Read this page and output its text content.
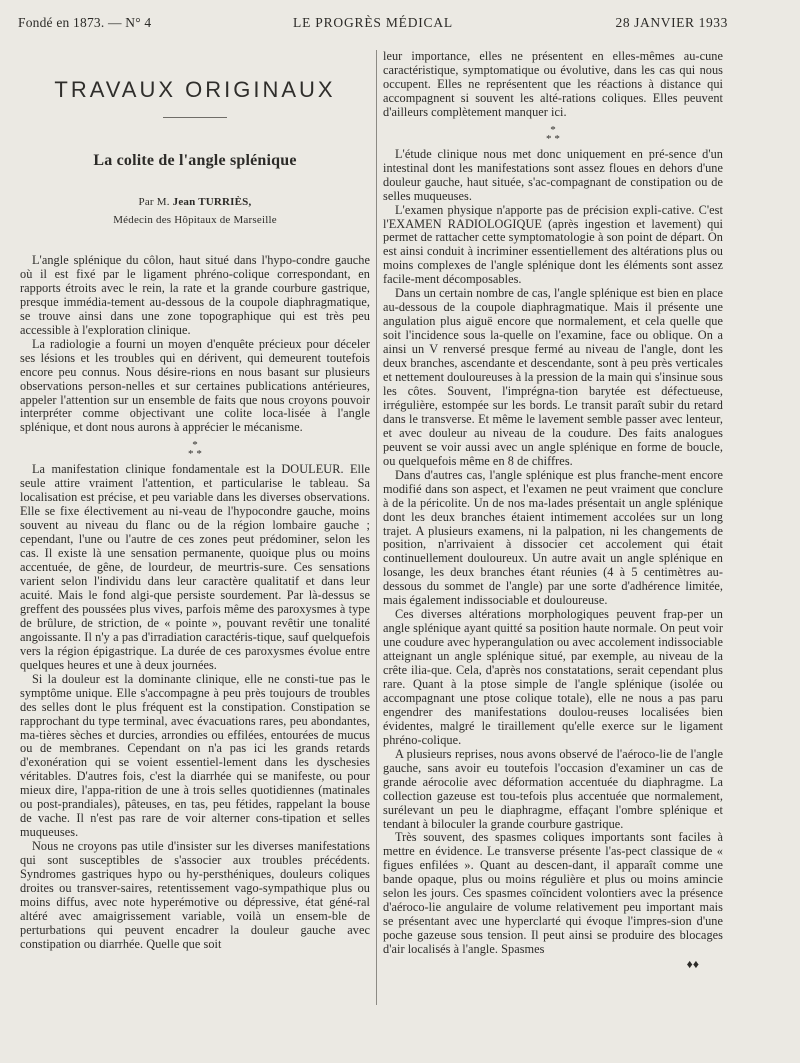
Fondé en 1873. — N° 4	LE PROGRÈS MÉDICAL	28 JANVIER 1933
TRAVAUX ORIGINAUX
La colite de l'angle splénique
Par M. Jean TURRIÈS,
Médecin des Hôpitaux de Marseille

L'angle splénique du côlon, haut situé dans l'hypo-condre gauche où il est fixé par le ligament phréno-colique correspondant, en rapports étroits avec le rein, la rate et la grande courbure gastrique, presque immédia-tement au-dessous de la coupole diaphragmatique, se trouve ainsi dans une zone topographique qui est très peu accessible à l'exploration clinique.

La radiologie a fourni un moyen d'enquête précieux pour déceler ses lésions et les troubles qui en dérivent, qui demeurent toutefois encore peu connus. Nous désire-rions en nous basant sur plusieurs observations person-nelles et sur certaines publications antérieures, appeler l'attention sur un ensemble de faits que nous croyons pouvoir interpréter comme objectivant une colite loca-lisée à l'angle splénique, et dont nous aurons à apprécier le mécanisme.

*
* *

La manifestation clinique fondamentale est la DOULEUR. Elle seule attire vraiment l'attention, et particularise le tableau. Sa localisation est précise, et peu variable dans les diverses observations. Elle se fixe électivement au ni-veau de l'hypocondre gauche, moins souvent au niveau du flanc ou de la région lombaire gauche ; cependant, l'une ou l'autre de ces zones peut prédominer, selon les cas. Il existe là une sensation permanente, quoique plus ou moins accentuée, de gêne, de lourdeur, de meurtris-sure. Ces sensations varient selon l'individu dans leur caractère qualitatif et dans leur acuité. Mais le fond algi-que persiste sourdement. Par là-dessus se greffent des poussées plus vives, parfois même des paroxysmes à type de brûlure, de striction, de « pointe », pouvant revêtir une tonalité angoissante. Il n'y a pas d'irradiation caractéris-tique, sauf quelquefois vers la région épigastrique. La durée de ces paroxysmes évolue entre quelques heures et une à deux journées.

Si la douleur est la dominante clinique, elle ne consti-tue pas le symptôme unique. Elle s'accompagne à peu près toujours de troubles des selles dont le plus fréquent est la constipation. Constipation se rapprochant du type terminal, avec évacuations rares, peu abondantes, ma-tières sèches et durcies, arrondies ou effilées, entourées de mucus ou de membranes. Cependant on n'a pas ici les grands retards d'exonération qui se voient essentiel-lement dans les dyschesies véritables. D'autres fois, c'est la diarrhée qui se manifeste, ou pour mieux dire, l'appa-rition de une à trois selles quotidiennes (matinales ou post-prandiales), pâteuses, en tas, peu fétides, rappelant la bouse de vache. Il n'est pas rare de voir alterner cons-tipation et selles muqueuses.

Nous ne croyons pas utile d'insister sur les diverses manifestations qui sont susceptibles de s'associer aux troubles précédents. Syndromes gastriques hypo ou hy-persthéniques, douleurs coliques droites ou transver-saires, retentissement vago-sympathique plus ou moins diffus, avec note hyperémotive ou dépressive, état géné-ral altéré avec amaigrissement variable, voilà un ensem-ble de perturbations qui peuvent encadrer la douleur gauche avec constipation ou diarrhée. Quelle que soit

leur importance, elles ne présentent en elles-mêmes au-cune caractéristique, symptomatique ou évolutive, dans les cas qui nous occupent. Elles ne représentent que les réactions à distance qui accompagnent si souvent les alté-rations coliques. Elles peuvent d'ailleurs complètement manquer ici.

*
* *

L'étude clinique nous met donc uniquement en pré-sence d'un intestinal dont les manifestations sont assez floues en dehors d'une douleur gauche, haut située, s'ac-compagnant de constipation ou de selles muqueuses.

L'examen physique n'apporte pas de précision expli-cative. C'est l'EXAMEN RADIOLOGIQUE (après ingestion et lavement) qui permet de rattacher cette symptomatologie à son point de départ. On est ainsi conduit à incriminer essentiellement des altérations plus ou moins complexes de l'angle splénique dont les éléments sont assez facile-ment décomposables.

Dans un certain nombre de cas, l'angle splénique est bien en place au-dessous de la coupole diaphragmatique. Mais il présente une angulation plus aiguë encore que normalement, et cela quelle que soit l'incidence sous la-quelle on l'examine, face ou oblique. On a ainsi un V renversé presque fermé au niveau de l'angle, dont les deux branches, ascendante et descendante, sont à peu près verticales et nettement douloureuses à la pression de la main qui s'insinue sous les côtes. Souvent, l'imprégna-tion barytée est défectueuse, irrégulière, estompée sur les bords. Le transit paraît subir du retard dans le transverse. Et même le lavement semble passer avec lenteur, et avec douleur au niveau de la coudure. Des faits analogues peuvent se voir aussi avec un angle splénique en forme de boucle, ou quelquefois même en 8 de chiffres.

Dans d'autres cas, l'angle splénique est plus franche-ment encore modifié dans son aspect, et l'examen ne peut vraiment que conclure à de la péricolite. Un de nos ma-lades présentait un angle splénique dont les deux branches étaient intimement accolées sur un long trajet. A plusieurs examens, ni la palpation, ni les changements de position, n'arrivaient à dissocier cet accolement qui était continuellement douloureux. Un autre avait un angle splénique en losange, les deux branches étant réunies (4 à 5 centimètres au-dessous du sommet de l'angle) par une sorte d'adhérence limitée, mais également indissociable et douloureuse.

Ces diverses altérations morphologiques peuvent frap-per un angle splénique ayant quitté sa position haute normale. On peut voir une coudure avec hyperangulation ou avec accolement indissociable atteignant un angle splénique situé, par exemple, au niveau de la crête ilia-que. Cela, d'après nos constatations, serait cependant plus rare. Quant à la ptose simple de l'angle splénique (isolée ou accompagnant une ptose colique totale), elle ne nous a pas paru engendrer des manifestations doulou-reuses localisées bien évidentes, malgré le tiraillement qu'elle exerce sur le ligament phréno-colique.

A plusieurs reprises, nous avons observé de l'aérоco-lie de l'angle gauche, sans avoir eu toutefois l'occasion d'examiner un cas de grande aérocolie avec déformation accentuée du diaphragme. La collection gazeuse est tou-tefois plus accentuée que normalement, surélevant un peu le diaphragme, effaçant l'ombre splénique et tendant à biloculer la grande courbure gastrique.

Très souvent, des spasmes coliques importants sont faciles à mettre en évidence. Le transverse présente l'as-pect classique de « figues enfilées ». Quant au descen-dant, il apparaît comme une bande opaque, plus ou moins régulière et plus ou moins amincie selon les jours. Ces spasmes coïncident volontiers avec la présence d'aérоco-lie angulaire de volume relativement peu important mais se présentant avec une hyperclarté qui évoque l'impres-sion d'une poche gazeuse sous tension. Il peut ainsi se produire des blocages d'air localisés à l'angle. Spasmes

♦♦
